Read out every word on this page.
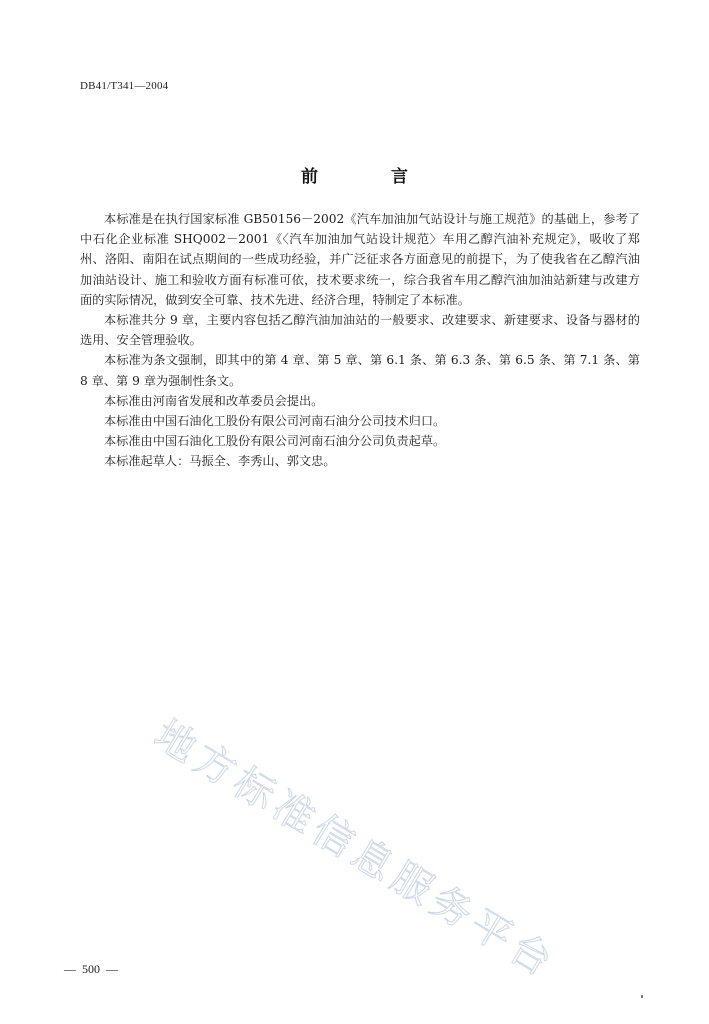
DB41/T341—2004
前　言

本标准是在执行国家标准 GB50156－2002《汽车加油加气站设计与施工规范》的基础上，参考了中石化企业标准 SHQ002－2001《〈汽车加油加气站设计规范〉车用乙醇汽油补充规定》，吸收了郑州、洛阳、南阳在试点期间的一些成功经验，并广泛征求各方面意见的前提下，为了使我省在乙醇汽油加油站设计、施工和验收方面有标准可依，技术要求统一，综合我省车用乙醇汽油加油站新建与改建方面的实际情况，做到安全可靠、技术先进、经济合理，特制定了本标准。

本标准共分 9 章，主要内容包括乙醇汽油加油站的一般要求、改建要求、新建要求、设备与器材的选用、安全管理验收。

本标准为条文强制，即其中的第 4 章、第 5 章、第 6.1 条、第 6.3 条、第 6.5 条、第 7.1 条、第 8 章、第 9 章为强制性条文。

本标准由河南省发展和改革委员会提出。

本标准由中国石油化工股份有限公司河南石油分公司技术归口。

本标准由中国石油化工股份有限公司河南石油分公司负责起草。

本标准起草人：马振全、李秀山、郭文忠。

地方标准信息服务平台
—  500  —
